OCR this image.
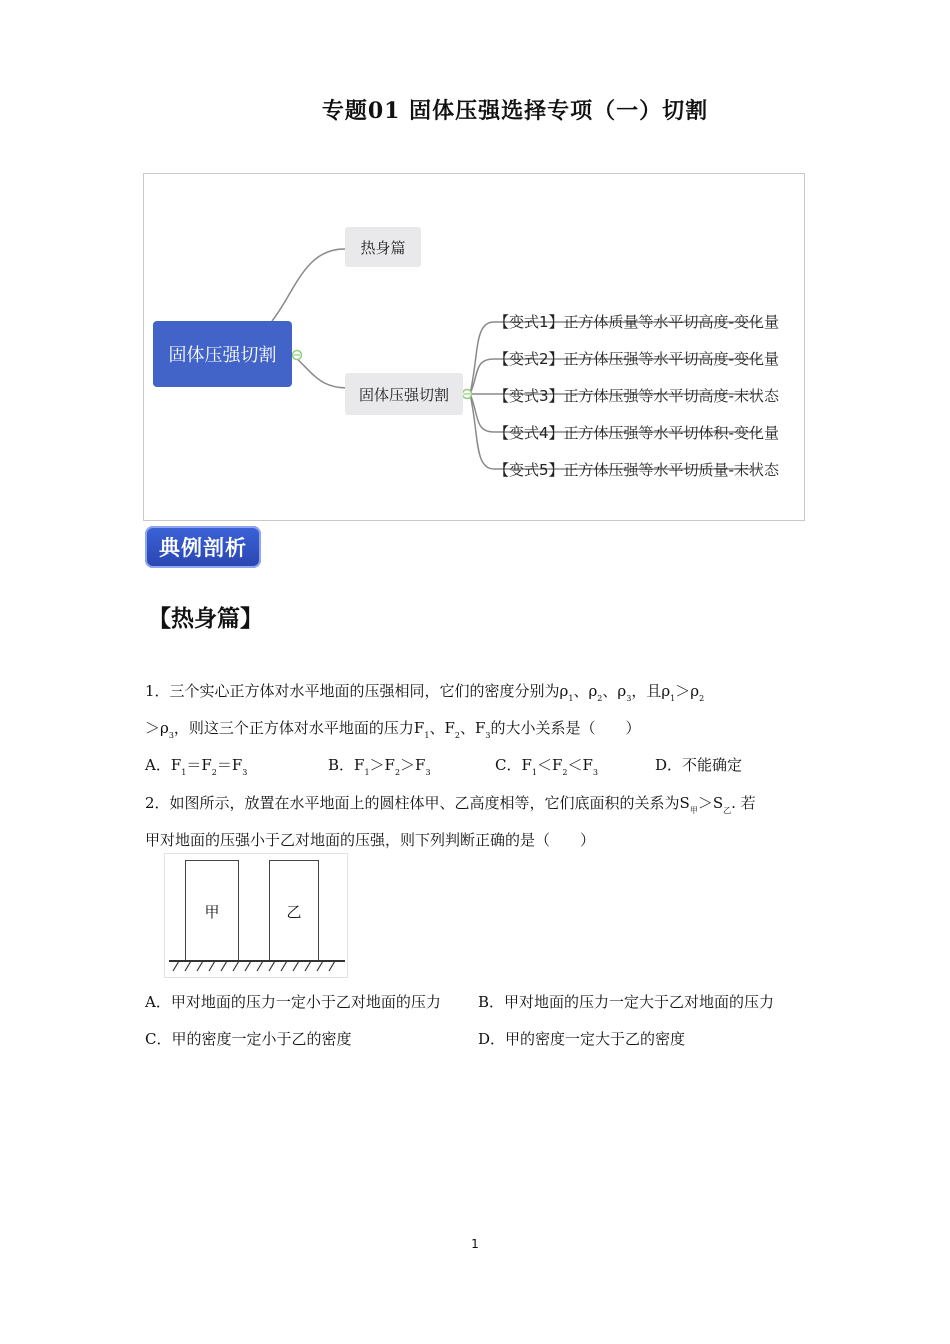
专题01 固体压强选择专项（一）切割
固体压强切割
热身篇
固体压强切割
【变式1】正方体质量等水平切高度-变化量
【变式2】正方体压强等水平切高度-变化量
【变式3】正方体压强等水平切高度-末状态
【变式4】正方体压强等水平切体积-变化量
【变式5】正方体压强等水平切质量-末状态
典例剖析
【热身篇】
1．三个实心正方体对水平地面的压强相同，它们的密度分别为$\rho_1$、$\rho_2$、$\rho_3$，且$\rho_1>\rho_2$
$>\rho_3$，则这三个正方体对水平地面的压力$F_1$、$F_2$、$F_3$的大小关系是（　　）
A．$F_1=F_2=F_3$	B．$F_1>F_2>F_3$	C．$F_1<F_2<F_3$	D．不能确定
2．如图所示，放置在水平地面上的圆柱体甲、乙高度相等，它们底面积的关系为$S_甲>S_乙$. 若
甲对地面的压强小于乙对地面的压强，则下列判断正确的是（　　）
甲	乙
A．甲对地面的压力一定小于乙对地面的压力 B．甲对地面的压力一定大于乙对地面的压力
C．甲的密度一定小于乙的密度	D．甲的密度一定大于乙的密度
1
